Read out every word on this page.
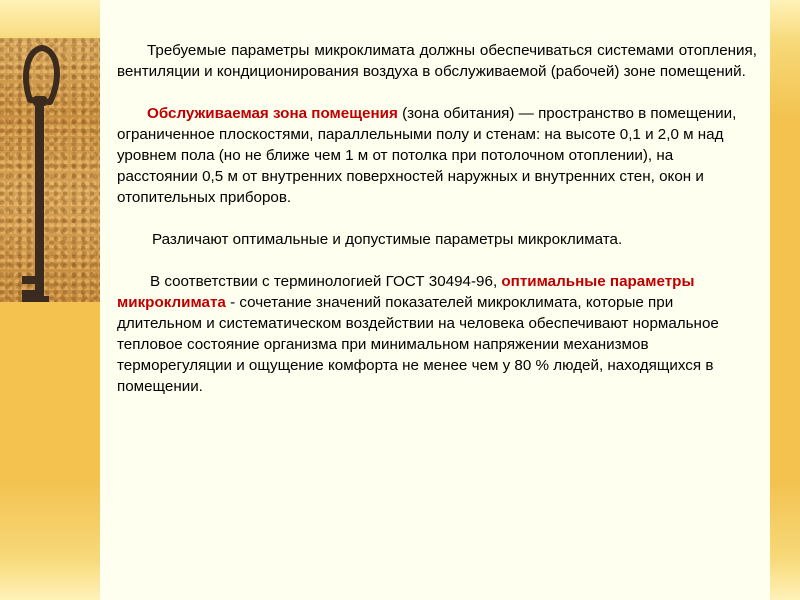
Требуемые параметры микроклимата должны обеспечиваться системами отопления, вентиляции и кондиционирования воздуха в обслуживаемой (рабочей) зоне помещений.

Обслуживаемая зона помещения (зона обитания) — пространство в помещении, ограниченное плоскостями, параллельными полу и стенам: на высоте 0,1 и 2,0 м над уровнем пола (но не ближе чем 1 м от потолка при потолочном отоплении), на расстоянии 0,5 м от внутренних поверхностей наружных и внутренних стен, окон и отопительных приборов.

Различают оптимальные и допустимые параметры микроклимата.

В соответствии с терминологией ГОСТ 30494-96, оптимальные параметры микроклимата - сочетание значений показателей микроклимата, которые при длительном и систематическом воздействии на человека обеспечивают нормальное тепловое состояние организма при минимальном напряжении механизмов терморегуляции и ощущение комфорта не менее чем у 80 % людей, находящихся в помещении.
